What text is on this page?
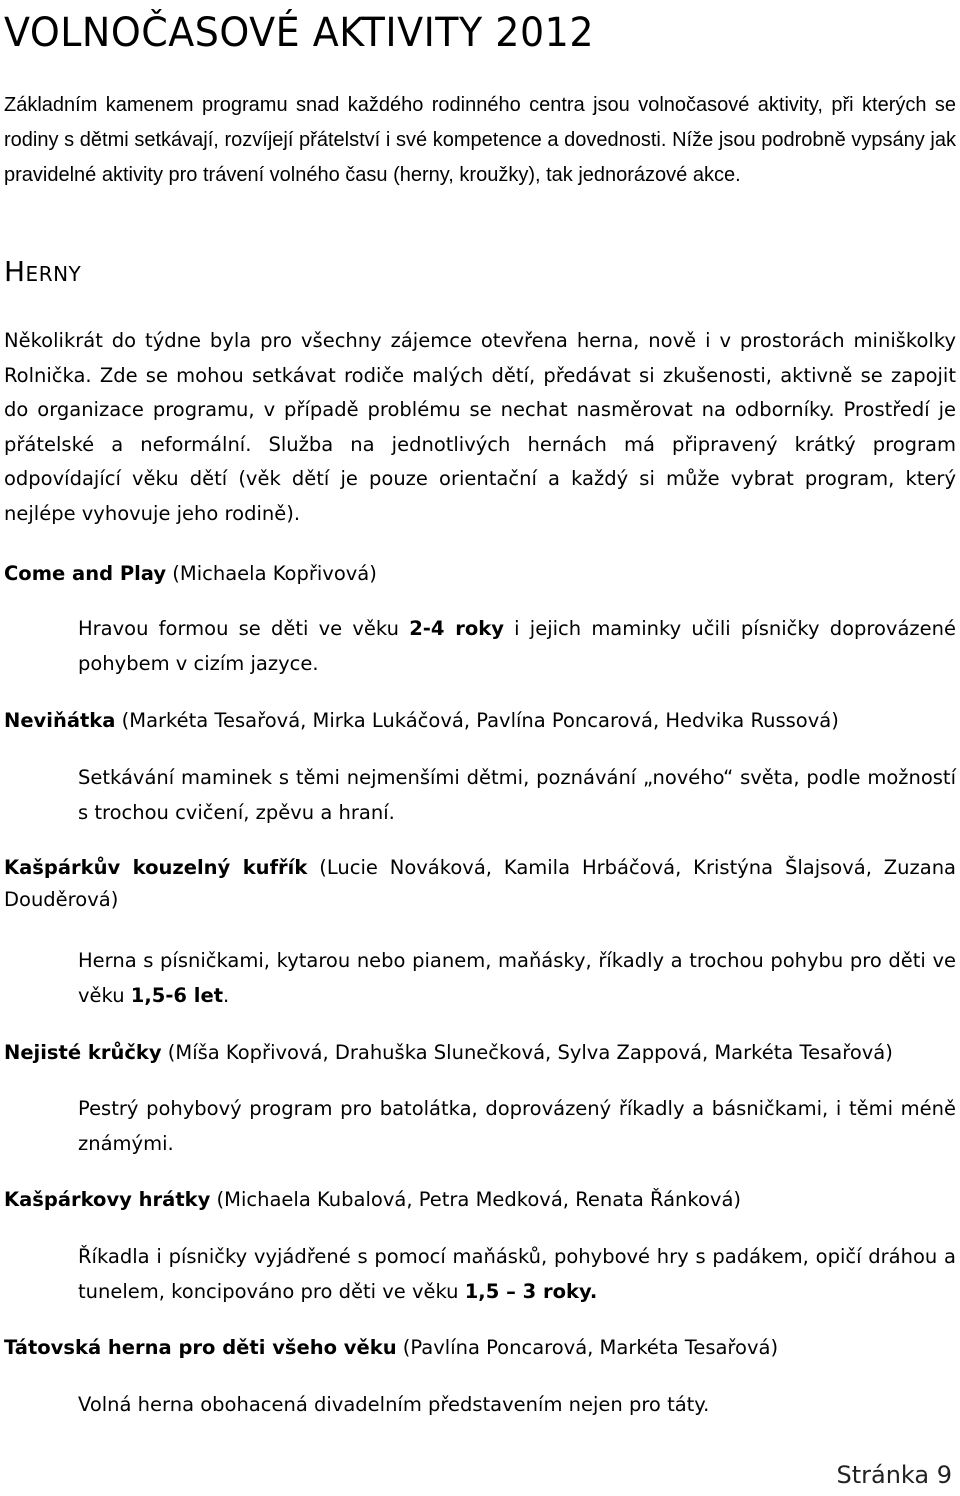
VOLNOČASOVÉ AKTIVITY 2012

Základním kamenem programu snad každého rodinného centra jsou volnočasové aktivity, při kterých se rodiny s dětmi setkávají, rozvíjejí přátelství i své kompetence a dovednosti. Níže jsou podrobně vypsány jak pravidelné aktivity pro trávení volného času (herny, kroužky), tak jednorázové akce.

Herny

Několikrát do týdne byla pro všechny zájemce otevřena herna, nově i v prostorách miniškolky Rolnička. Zde se mohou setkávat rodiče malých dětí, předávat si zkušenosti, aktivně se zapojit do organizace programu, v případě problému se nechat nasměrovat na odborníky. Prostředí je přátelské a neformální. Služba na jednotlivých hernách má připravený krátký program odpovídající věku dětí (věk dětí je pouze orientační a každý si může vybrat program, který nejlépe vyhovuje jeho rodině).

Come and Play (Michaela Kopřivová)

Hravou formou se děti ve věku 2-4 roky i jejich maminky učili písničky doprovázené pohybem v cizím jazyce.

Neviňátka (Markéta Tesařová, Mirka Lukáčová, Pavlína Poncarová, Hedvika Russová)

Setkávání maminek s těmi nejmenšími dětmi, poznávání „nového“ světa, podle možností s trochou cvičení, zpěvu a hraní.

Kašpárkův kouzelný kufřík (Lucie Nováková, Kamila Hrbáčová, Kristýna Šlajsová, Zuzana Douděrová)

Herna s písničkami, kytarou nebo pianem, maňásky, říkadly a trochou pohybu pro děti ve věku 1,5-6 let.

Nejisté krůčky (Míša Kopřivová, Drahuška Slunečková, Sylva Zappová, Markéta Tesařová)

Pestrý pohybový program pro batolátka, doprovázený říkadly a básničkami, i těmi méně známými.

Kašpárkovy hrátky (Michaela Kubalová, Petra Medková, Renata Řánková)

Říkadla i písničky vyjádřené s pomocí maňásků, pohybové hry s padákem, opičí dráhou a tunelem, koncipováno pro děti ve věku 1,5 – 3 roky.

Tátovská herna pro děti všeho věku (Pavlína Poncarová, Markéta Tesařová)

Volná herna obohacená divadelním představením nejen pro táty.

Stránka 9
